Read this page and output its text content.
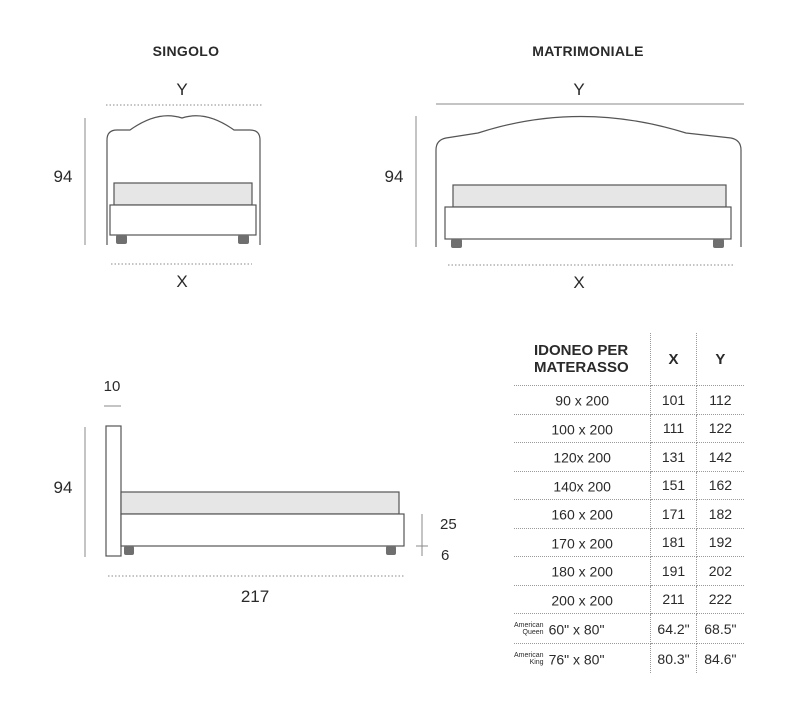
SINGOLO
Y
94
X
MATRIMONIALE
Y
94
X
10
94
25
6
217
IDONEO PER
MATERASSO	X	Y
90 x 200	101	112
100 x 200	111	122
120x 200	131	142
140x 200	151	162
160 x 200	171	182
170 x 200	181	192
180 x 200	191	202
200 x 200	211	222
American
Queen 60" x 80"	64.2"	68.5"
American
King 76" x 80"	80.3"	84.6"
